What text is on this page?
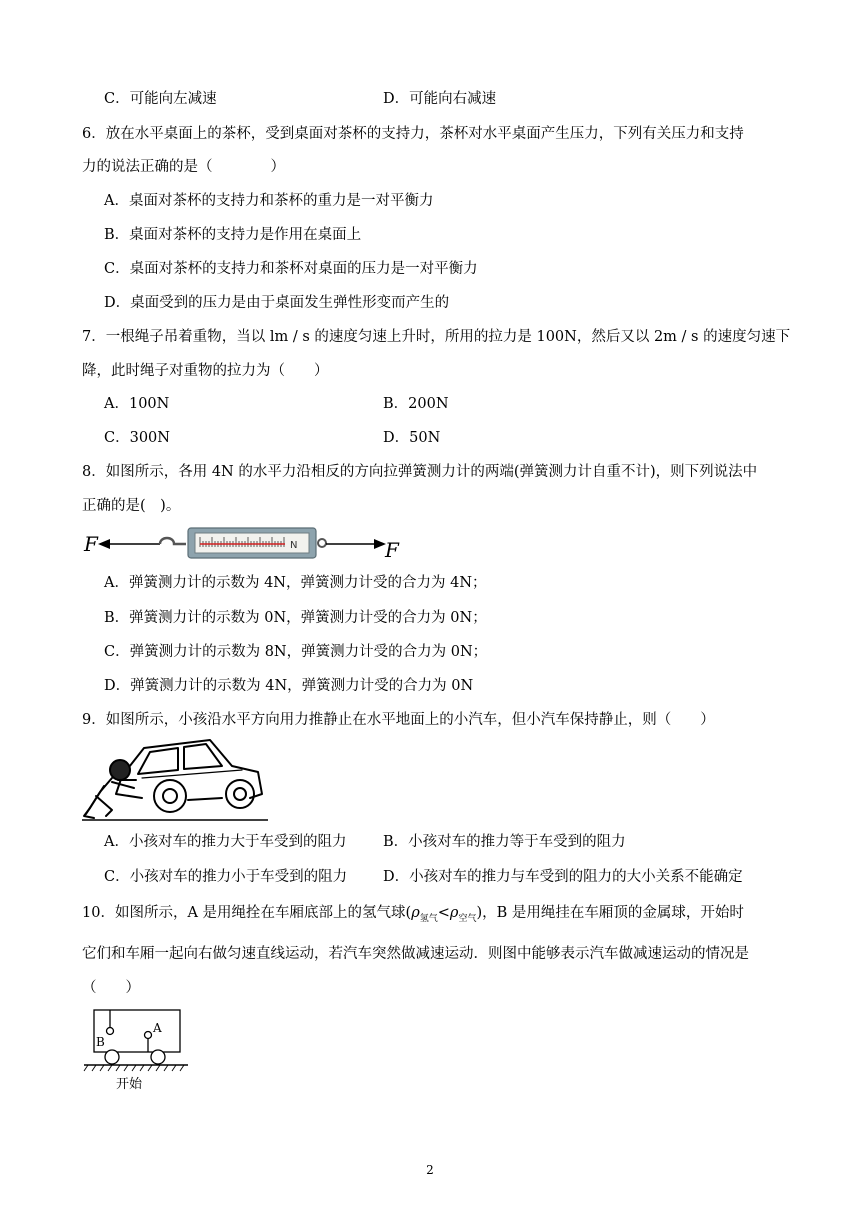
C．可能向左减速	D．可能向右减速
6．放在水平桌面上的茶杯，受到桌面对茶杯的支持力，茶杯对水平桌面产生压力，下列有关压力和支持
力的说法正确的是（　　　　）
A．桌面对茶杯的支持力和茶杯的重力是一对平衡力
B．桌面对茶杯的支持力是作用在桌面上
C．桌面对茶杯的支持力和茶杯对桌面的压力是一对平衡力
D．桌面受到的压力是由于桌面发生弹性形变而产生的
7．一根绳子吊着重物，当以 lm / s 的速度匀速上升时，所用的拉力是 100N，然后又以 2m / s 的速度匀速下
降，此时绳子对重物的拉力为（　　）
A．100N	B．200N
C．300N	D．50N
8．如图所示，各用 4N 的水平力沿相反的方向拉弹簧测力计的两端(弹簧测力计自重不计)，则下列说法中
正确的是(　)。
F	N	F
A．弹簧测力计的示数为 4N，弹簧测力计受的合力为 4N；
B．弹簧测力计的示数为 0N，弹簧测力计受的合力为 0N；
C．弹簧测力计的示数为 8N，弹簧测力计受的合力为 0N；
D．弹簧测力计的示数为 4N，弹簧测力计受的合力为 0N
9．如图所示，小孩沿水平方向用力推静止在水平地面上的小汽车，但小汽车保持静止，则（　　）
A．小孩对车的推力大于车受到的阻力	B．小孩对车的推力等于车受到的阻力
C．小孩对车的推力小于车受到的阻力 D．小孩对车的推力与车受到的阻力的大小关系不能确定
10．如图所示，A 是用绳拴在车厢底部上的氢气球$(\rho_{氢气}<\rho_{空气})$，B 是用绳挂在车厢顶的金属球，开始时
它们和车厢一起向右做匀速直线运动，若汽车突然做减速运动．则图中能够表示汽车做减速运动的情况是
（　　）
A
B
开始
2
